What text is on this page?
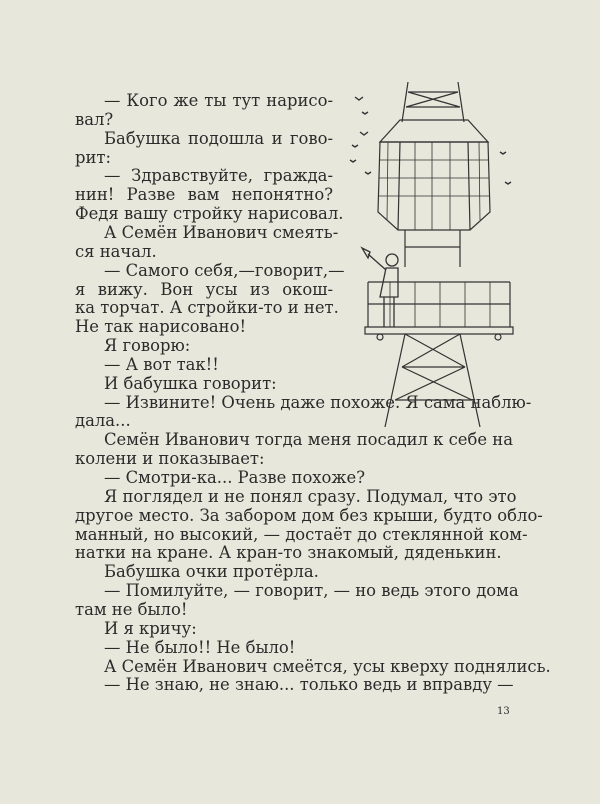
— Кого же ты тут нарисо-
вал?
Бабушка подошла и гово-
рит:
— Здравствуйте, гражда-
нин! Разве вам непонятно?
Федя вашу стройку нарисовал.
А Семён Иванович смеять-
ся начал.
— Самого себя,—говорит,—
я вижу. Вон усы из окош-
ка торчат. А стройки-то и нет.
Не так нарисовано!
Я говорю:
— А вот так!!
И бабушка говорит:
— Извините! Очень даже похоже. Я сама наблю-
дала...
Семён Иванович тогда меня посадил к себе на
колени и показывает:
— Смотри-ка... Разве похоже?
Я поглядел и не понял сразу. Подумал, что это
другое место. За забором дом без крыши, будто обло-
манный, но высокий, — достаёт до стеклянной ком-
натки на кране. А кран-то знакомый, дяденькин.
Бабушка очки протёрла.
— Помилуйте, — говорит, — но ведь этого дома
там не было!
И я кричу:
— Не было!! Не было!
А Семён Иванович смеётся, усы кверху поднялись.
— Не знаю, не знаю... только ведь и вправду —
13
